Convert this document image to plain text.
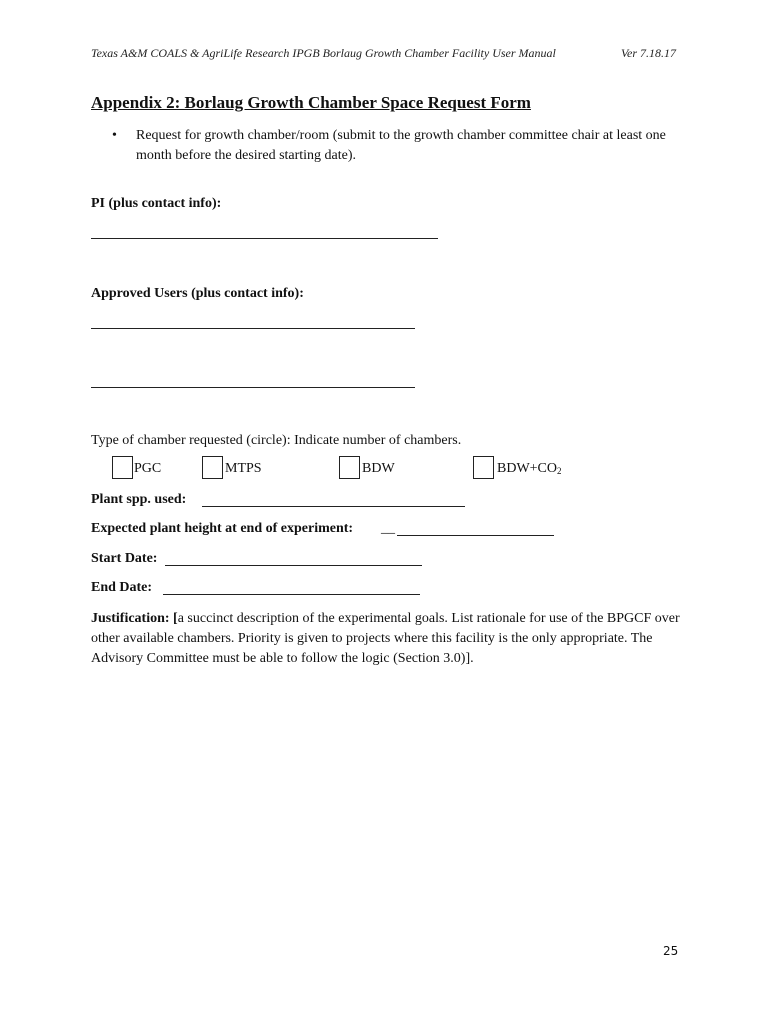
Texas A&M COALS & AgriLife Research IPGB Borlaug Growth Chamber Facility User Manual	Ver 7.18.17
Appendix 2: Borlaug Growth Chamber Space Request Form
• Request for growth chamber/room (submit to the growth chamber committee chair at least one month before the desired starting date).
PI (plus contact info):
Approved Users (plus contact info):
Type of chamber requested (circle): Indicate number of chambers.
PGC	MTPS	BDW	$BDW+CO_2$
Plant spp. used:
Expected plant height at end of experiment: __
Start Date:
End Date:
Justification: [a succinct description of the experimental goals. List rationale for use of the BPGCF over other available chambers. Priority is given to projects where this facility is the only appropriate. The Advisory Committee must be able to follow the logic (Section 3.0)].
25
